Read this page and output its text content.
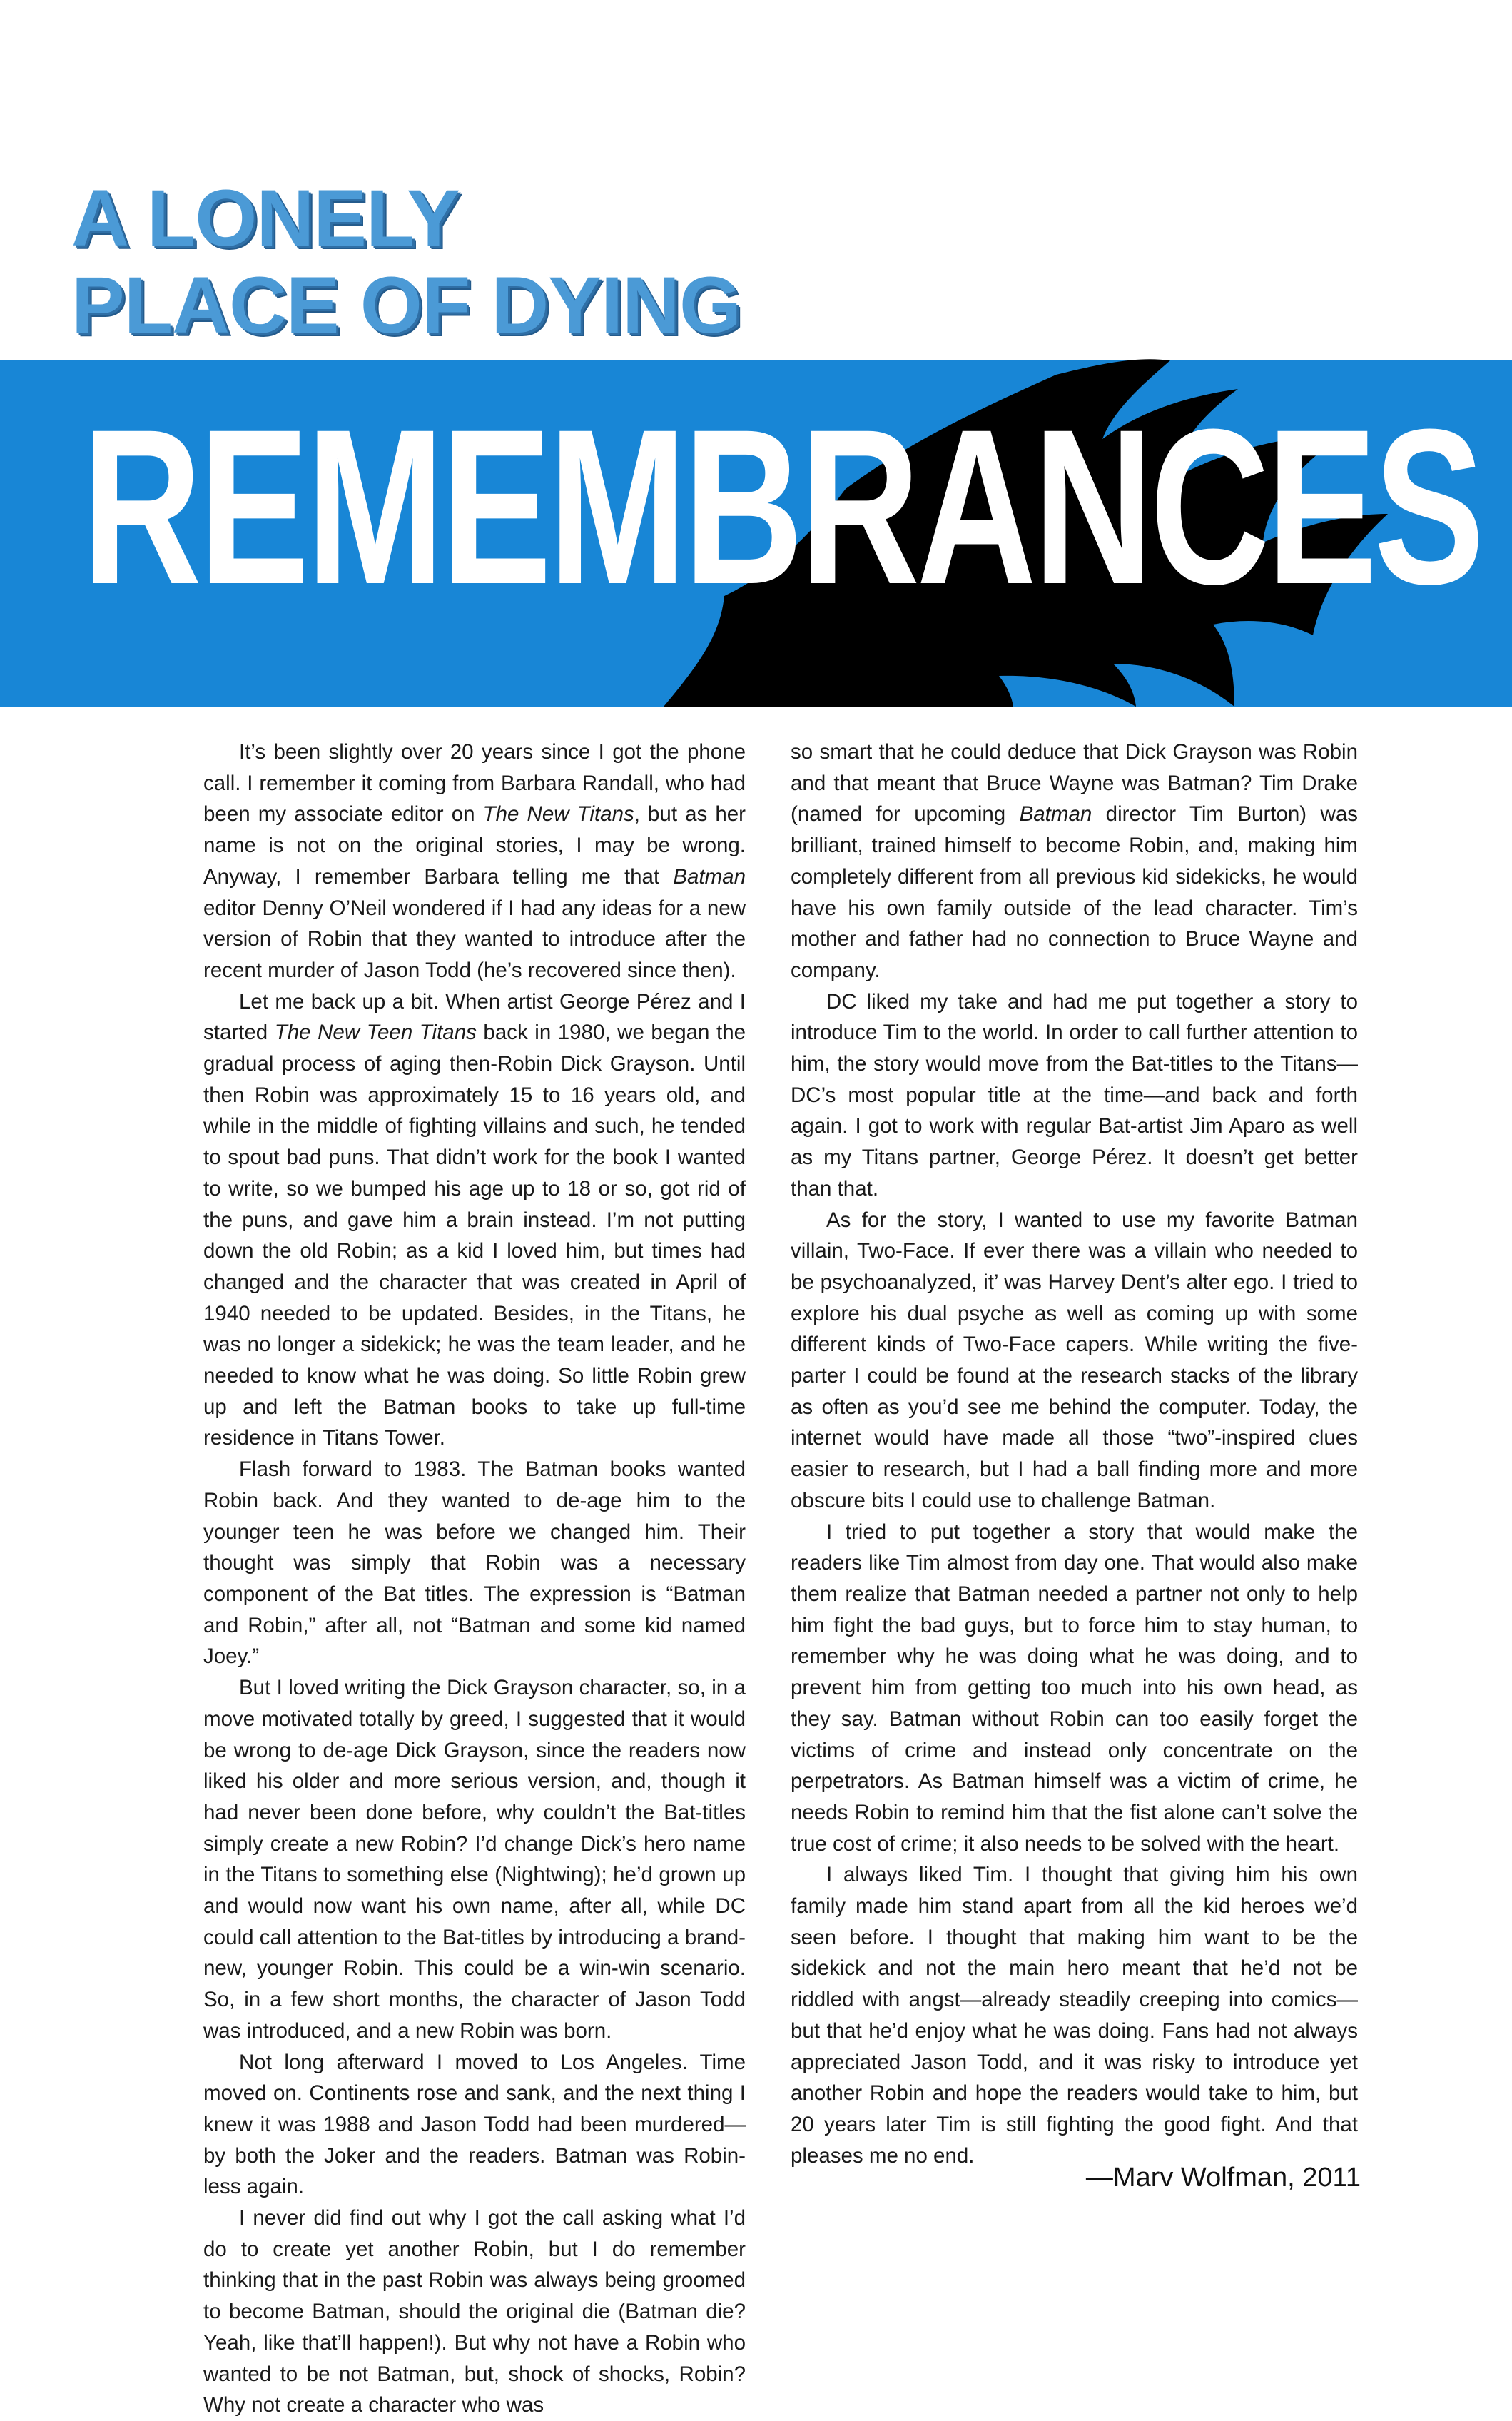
A LONELY
PLACE OF DYING
REMEMBRANCES

It’s been slightly over 20 years since I got the phone call. I remember it coming from Barbara Randall, who had been my associate editor on The New Titans, but as her name is not on the original stories, I may be wrong. Anyway, I remember Barbara telling me that Batman editor Denny O’Neil wondered if I had any ideas for a new version of Robin that they wanted to introduce after the recent murder of Jason Todd (he’s recovered since then).

Let me back up a bit. When artist George Pérez and I started The New Teen Titans back in 1980, we began the gradual process of aging then-Robin Dick Grayson. Until then Robin was approximately 15 to 16 years old, and while in the middle of fighting villains and such, he tended to spout bad puns. That didn’t work for the book I wanted to write, so we bumped his age up to 18 or so, got rid of the puns, and gave him a brain instead. I’m not putting down the old Robin; as a kid I loved him, but times had changed and the character that was created in April of 1940 needed to be updated. Besides, in the Titans, he was no longer a sidekick; he was the team leader, and he needed to know what he was doing. So little Robin grew up and left the Batman books to take up full-time residence in Titans Tower.

Flash forward to 1983. The Batman books wanted Robin back. And they wanted to de-age him to the younger teen he was before we changed him. Their thought was simply that Robin was a necessary component of the Bat titles. The expression is “Batman and Robin,” after all, not “Batman and some kid named Joey.”

But I loved writing the Dick Grayson character, so, in a move motivated totally by greed, I suggested that it would be wrong to de-age Dick Grayson, since the readers now liked his older and more serious version, and, though it had never been done before, why couldn’t the Bat-titles simply create a new Robin? I’d change Dick’s hero name in the Titans to something else (Nightwing); he’d grown up and would now want his own name, after all, while DC could call attention to the Bat-titles by introducing a brand-new, younger Robin. This could be a win-win scenario. So, in a few short months, the character of Jason Todd was introduced, and a new Robin was born.

Not long afterward I moved to Los Angeles. Time moved on. Continents rose and sank, and the next thing I knew it was 1988 and Jason Todd had been murdered—by both the Joker and the readers. Batman was Robin-less again.

I never did find out why I got the call asking what I’d do to create yet another Robin, but I do remember thinking that in the past Robin was always being groomed to become Batman, should the original die (Batman die? Yeah, like that’ll happen!). But why not have a Robin who wanted to be not Batman, but, shock of shocks, Robin? Why not create a character who was

so smart that he could deduce that Dick Grayson was Robin and that meant that Bruce Wayne was Batman? Tim Drake (named for upcoming Batman director Tim Burton) was brilliant, trained himself to become Robin, and, making him completely different from all previous kid sidekicks, he would have his own family outside of the lead character. Tim’s mother and father had no connection to Bruce Wayne and company.

DC liked my take and had me put together a story to introduce Tim to the world. In order to call further attention to him, the story would move from the Bat-titles to the Titans—DC’s most popular title at the time—and back and forth again. I got to work with regular Bat-artist Jim Aparo as well as my Titans partner, George Pérez. It doesn’t get better than that.

As for the story, I wanted to use my favorite Batman villain, Two-Face. If ever there was a villain who needed to be psychoanalyzed, it’ was Harvey Dent’s alter ego. I tried to explore his dual psyche as well as coming up with some different kinds of Two-Face capers. While writing the five-parter I could be found at the research stacks of the library as often as you’d see me behind the computer. Today, the internet would have made all those “two”-inspired clues easier to research, but I had a ball finding more and more obscure bits I could use to challenge Batman.

I tried to put together a story that would make the readers like Tim almost from day one. That would also make them realize that Batman needed a partner not only to help him fight the bad guys, but to force him to stay human, to remember why he was doing what he was doing, and to prevent him from getting too much into his own head, as they say. Batman without Robin can too easily forget the victims of crime and instead only concentrate on the perpetrators. As Batman himself was a victim of crime, he needs Robin to remind him that the fist alone can’t solve the true cost of crime; it also needs to be solved with the heart.

I always liked Tim. I thought that giving him his own family made him stand apart from all the kid heroes we’d seen before. I thought that making him want to be the sidekick and not the main hero meant that he’d not be riddled with angst—already steadily creeping into comics—but that he’d enjoy what he was doing. Fans had not always appreciated Jason Todd, and it was risky to introduce yet another Robin and hope the readers would take to him, but 20 years later Tim is still fighting the good fight. And that pleases me no end.

—Marv Wolfman, 2011
